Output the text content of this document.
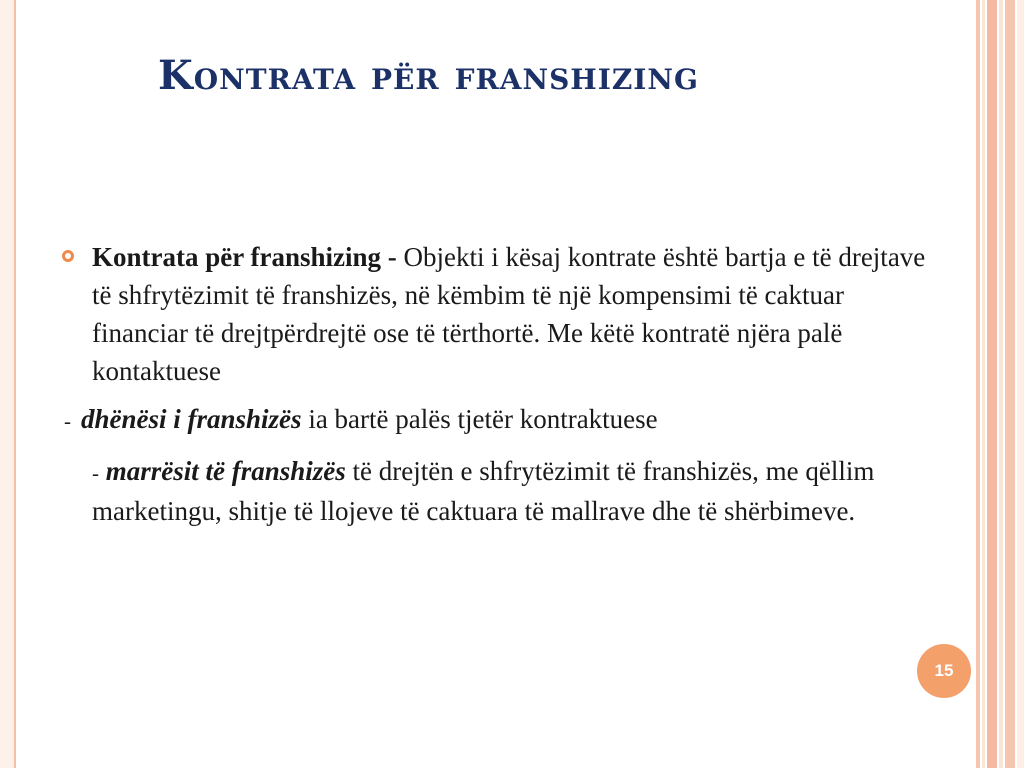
Kontrata për franshizing

Kontrata për franshizing - Objekti i kësaj kontrate është bartja e të drejtave të shfrytëzimit të franshizës, në këmbim të një kompensimi të caktuar financiar të drejtpërdrejtë ose të tërthortë. Me këtë kontratë njëra palë kontaktuese

- dhënësi i franshizës ia bartë palës tjetër kontraktuese

- marrësit të franshizës të drejtën e shfrytëzimit të franshizës, me qëllim marketingu, shitje të llojeve të caktuara të mallrave dhe të shërbimeve.

15
